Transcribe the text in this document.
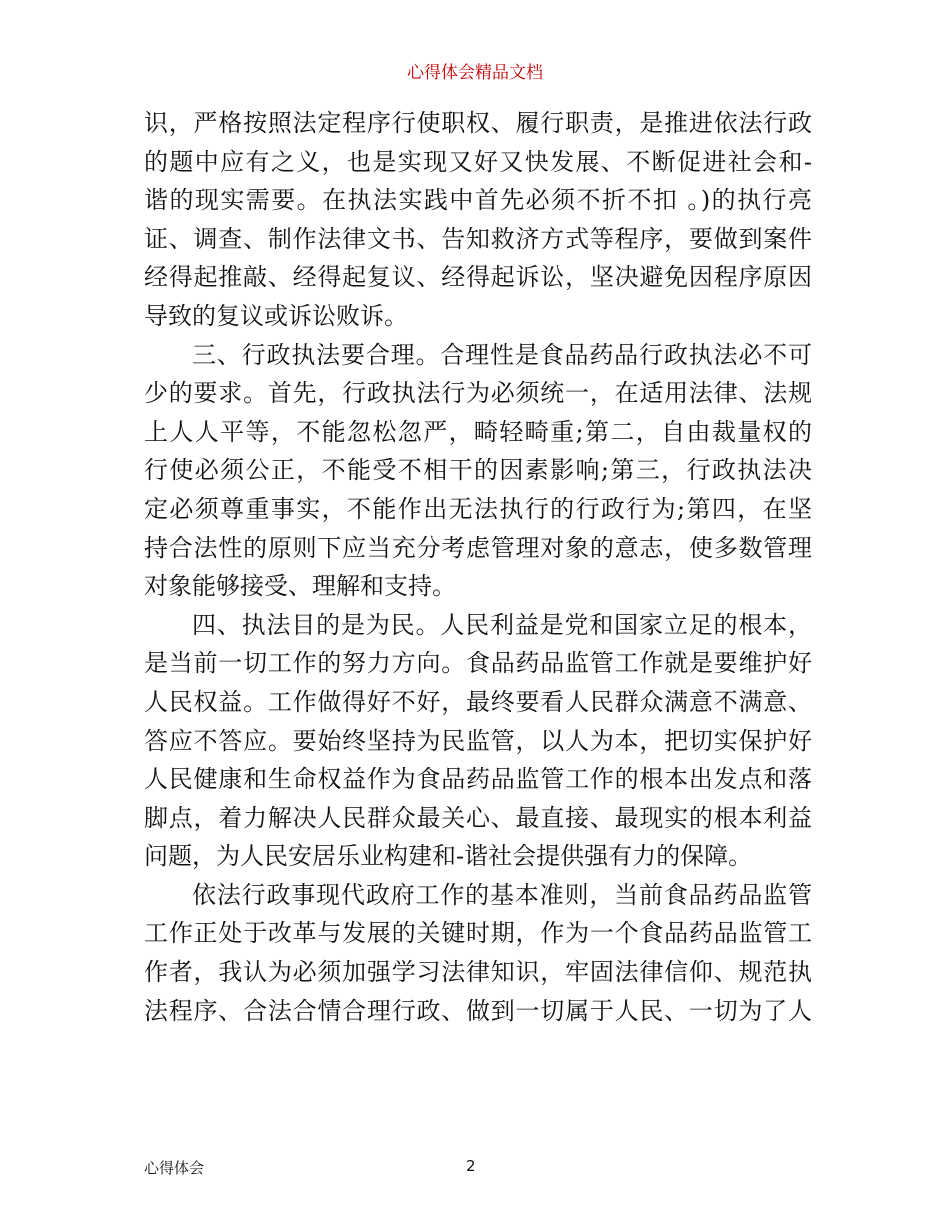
心得体会精品文档
识，严格按照法定程序行使职权、履行职责，是推进依法行政
的题中应有之义，也是实现又好又快发展、不断促进社会和-
谐的现实需要。在执法实践中首先必须不折不扣 。)的执行亮
证、调查、制作法律文书、告知救济方式等程序，要做到案件
经得起推敲、经得起复议、经得起诉讼，坚决避免因程序原因
导致的复议或诉讼败诉。
三、行政执法要合理。合理性是食品药品行政执法必不可
少的要求。首先，行政执法行为必须统一，在适用法律、法规
上人人平等，不能忽松忽严，畸轻畸重;第二，自由裁量权的
行使必须公正，不能受不相干的因素影响;第三，行政执法决
定必须尊重事实，不能作出无法执行的行政行为;第四，在坚
持合法性的原则下应当充分考虑管理对象的意志，使多数管理
对象能够接受、理解和支持。
四、执法目的是为民。人民利益是党和国家立足的根本，
是当前一切工作的努力方向。食品药品监管工作就是要维护好
人民权益。工作做得好不好，最终要看人民群众满意不满意、
答应不答应。要始终坚持为民监管，以人为本，把切实保护好
人民健康和生命权益作为食品药品监管工作的根本出发点和落
脚点，着力解决人民群众最关心、最直接、最现实的根本利益
问题，为人民安居乐业构建和-谐社会提供强有力的保障。
依法行政事现代政府工作的基本准则，当前食品药品监管
工作正处于改革与发展的关键时期，作为一个食品药品监管工
作者，我认为必须加强学习法律知识，牢固法律信仰、规范执
法程序、合法合情合理行政、做到一切属于人民、一切为了人
心得体会	2
